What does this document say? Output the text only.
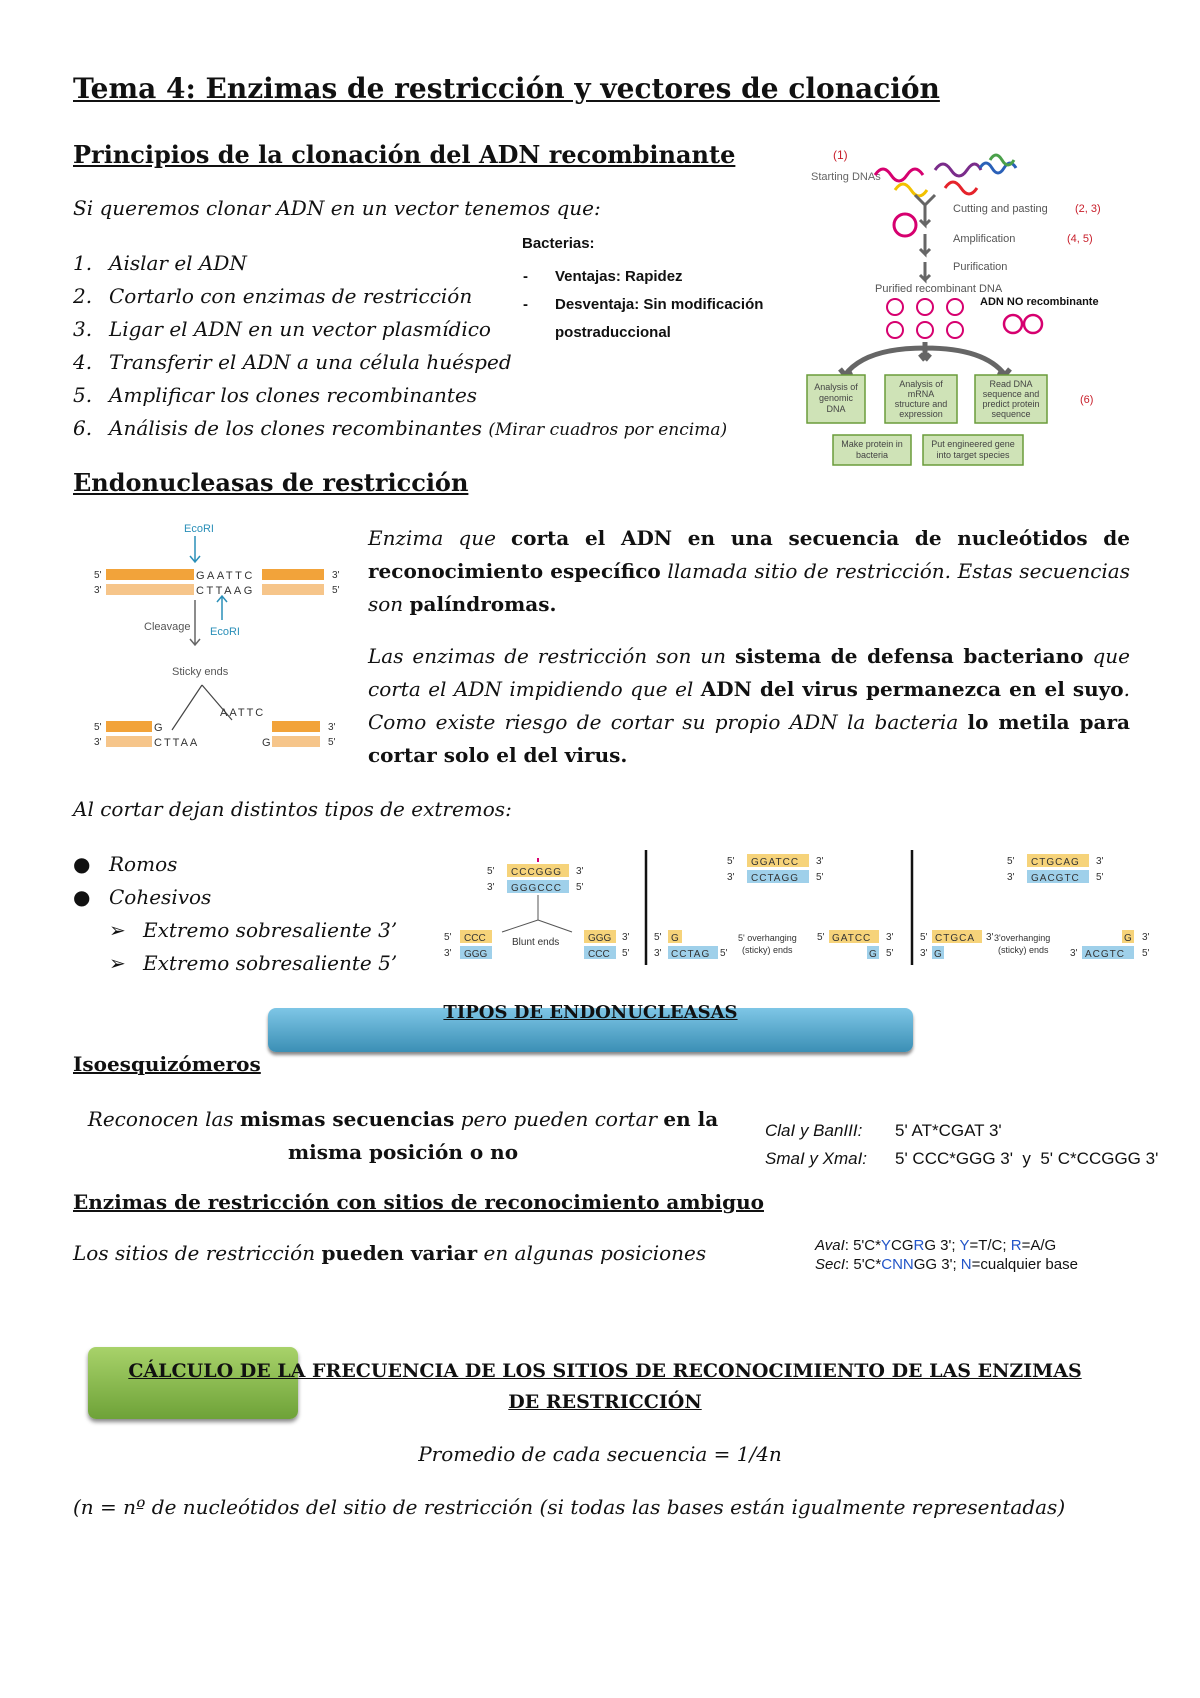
Tema 4: Enzimas de restricción y vectores de clonación
Principios de la clonación del ADN recombinante
Si queremos clonar ADN en un vector tenemos que:
1. Aislar el ADN
2. Cortarlo con enzimas de restricción
3. Ligar el ADN en un vector plasmídico
4. Transferir el ADN a una célula huésped
5. Amplificar los clones recombinantes
6. Análisis de los clones recombinantes (Mirar cuadros por encima)
Bacterias:
- Ventajas: Rapidez
- Desventaja: Sin modificación postraduccional
(1)
Starting DNAs
Cutting and pasting (2, 3)
Amplification	(4, 5)
Purification
Purified recombinant DNA
ADN NO recombinante
Analysis of genomic DNA
Analysis of mRNA structure and expression
Read DNA sequence and predict protein sequence
(6)
Make protein in bacteria
Put engineered gene into target species
Endonucleasas de restricción
EcoRI
5'
3'
GAATTC
CTTAAG
3'
5'
EcoRI
Cleavage
Sticky ends
5'
3'
G
CTTAA
AATTC
G
3'
5'
Enzima que corta el ADN en una secuencia de nucleótidos de reconocimiento específico llamada sitio de restricción. Estas secuencias son palíndromas.
Las enzimas de restricción son un sistema de defensa bacteriano que corta el ADN impidiendo que el ADN del virus permanezca en el suyo. Como existe riesgo de cortar su propio ADN la bacteria lo metila para cortar solo el del virus.
Al cortar dejan distintos tipos de extremos:
● Romos
● Cohesivos
➢ Extremo sobresaliente 3’
➢ Extremo sobresaliente 5’
5'
3'
CCCGGG
GGGCCC
3'
5'
5'
3'
CCC
GGG
Blunt ends	GGG
CCC
3'
5'
5'
3'
GGATCC
CCTAGG
3'
5'
5'
3'
G
CCTAG 5'
5' overhanging (sticky) ends
5' GATCC
G
3'
5'
5'
3'
CTGCAG
GACGTC
3'
5'
5'
3'
CTGCA
G
3' 3'overhanging (sticky) ends
G
3' ACGTC
3'
5'
TIPOS DE ENDONUCLEASAS
Isoesquizómeros
Reconocen las mismas secuencias pero pueden cortar en la misma posición o no
ClaI y BanIII: 5' AT*CGAT 3'
SmaI y XmaI: 5' CCC*GGG 3'  y  5' C*CCGGG 3'
Enzimas de restricción con sitios de reconocimiento ambiguo
Los sitios de restricción pueden variar en algunas posiciones	AvaI: 5'C*YCGRG 3'; Y=T/C; R=A/G
SecI: 5'C*CNNGG 3'; N=cualquier base
CÁLCULO DE LA FRECUENCIA DE LOS SITIOS DE RECONOCIMIENTO DE LAS ENZIMAS DE RESTRICCIÓN
Promedio de cada secuencia = 1/4n
(n = nº de nucleótidos del sitio de restricción (si todas las bases están igualmente representadas)
